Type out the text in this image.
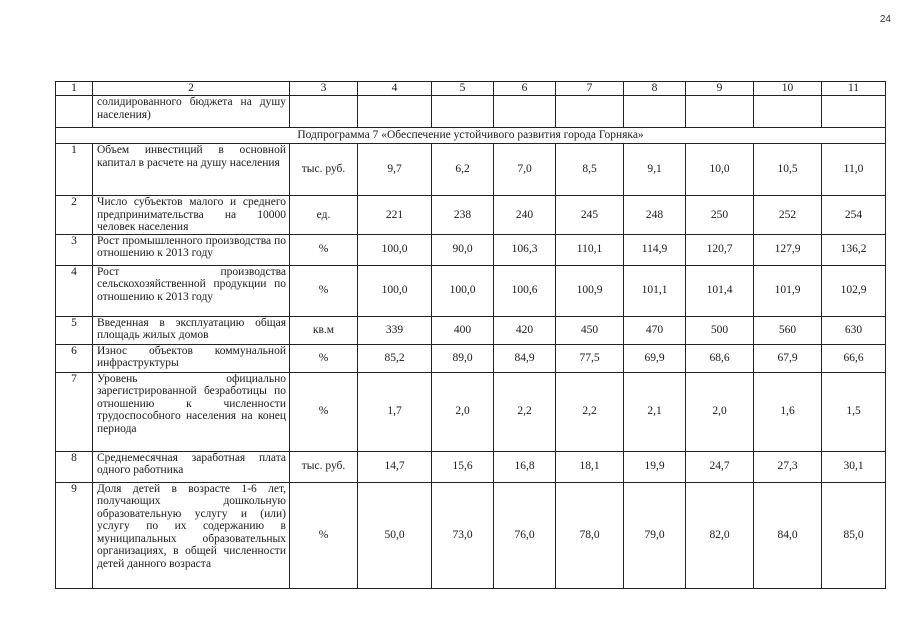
24
1	2	3	4	5	6	7	8	9	10	11
	солидированного бюджета на душу населения)									
Подпрограмма 7 «Обеспечение устойчивого развития города Горняка»										
1	Объем инвестиций в основной капитал в расчете на душу населения	тыс. руб.	9,7	6,2	7,0	8,5	9,1	10,0	10,5	11,0
2	Число субъектов малого и среднего предпринимательства на 10000 человек населения	ед.	221	238	240	245	248	250	252	254
3	Рост промышленного производства по отношению к 2013 году	%	100,0	90,0	106,3	110,1	114,9	120,7	127,9	136,2
4	Рост производства сельскохозяйственной продукции по отношению к 2013 году	%	100,0	100,0	100,6	100,9	101,1	101,4	101,9	102,9
5	Введенная в эксплуатацию общая площадь жилых домов	кв.м	339	400	420	450	470	500	560	630
6	Износ объектов коммунальной инфраструктуры	%	85,2	89,0	84,9	77,5	69,9	68,6	67,9	66,6
7	Уровень официально зарегистрированной безработицы по отношению к численности трудоспособного населения на конец периода	%	1,7	2,0	2,2	2,2	2,1	2,0	1,6	1,5
8	Среднемесячная заработная плата одного работника	тыс. руб.	14,7	15,6	16,8	18,1	19,9	24,7	27,3	30,1
9	Доля детей в возрасте 1-6 лет, получающих дошкольную образовательную услугу и (или) услугу по их содержанию в муниципальных образовательных организациях, в общей численности детей данного возраста	%	50,0	73,0	76,0	78,0	79,0	82,0	84,0	85,0
